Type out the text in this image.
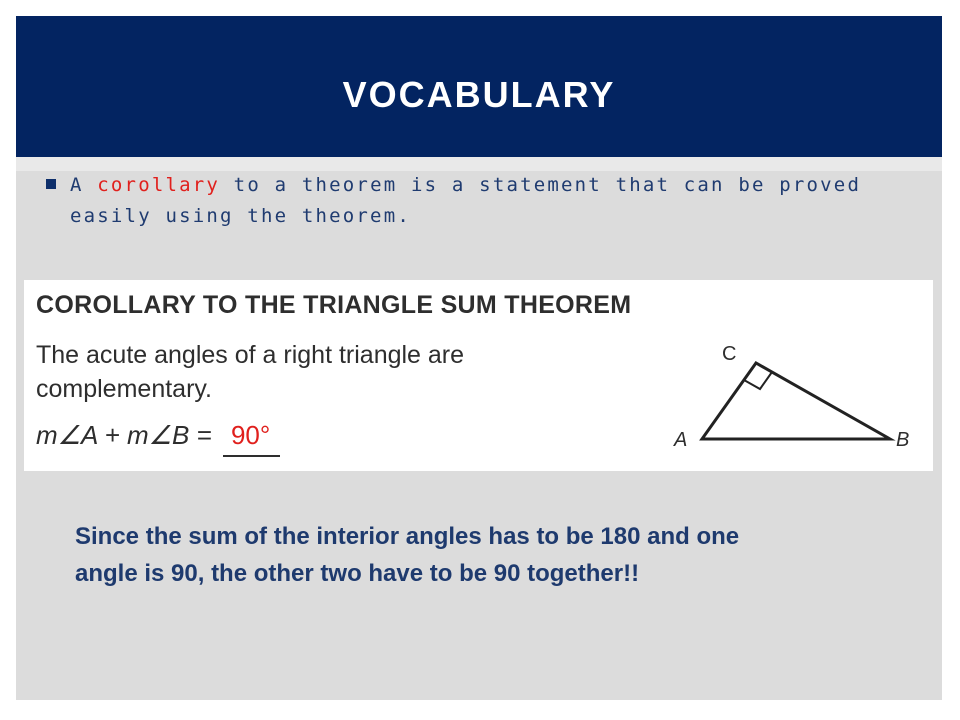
VOCABULARY
A corollary to a theorem is a statement that can be proved easily using the theorem.
COROLLARY TO THE TRIANGLE SUM THEOREM
The acute angles of a right triangle are complementary.
m∠A + m∠B = 90°
C
A	B
Since the sum of the interior angles has to be 180 and one angle is 90, the other two have to be 90 together!!
